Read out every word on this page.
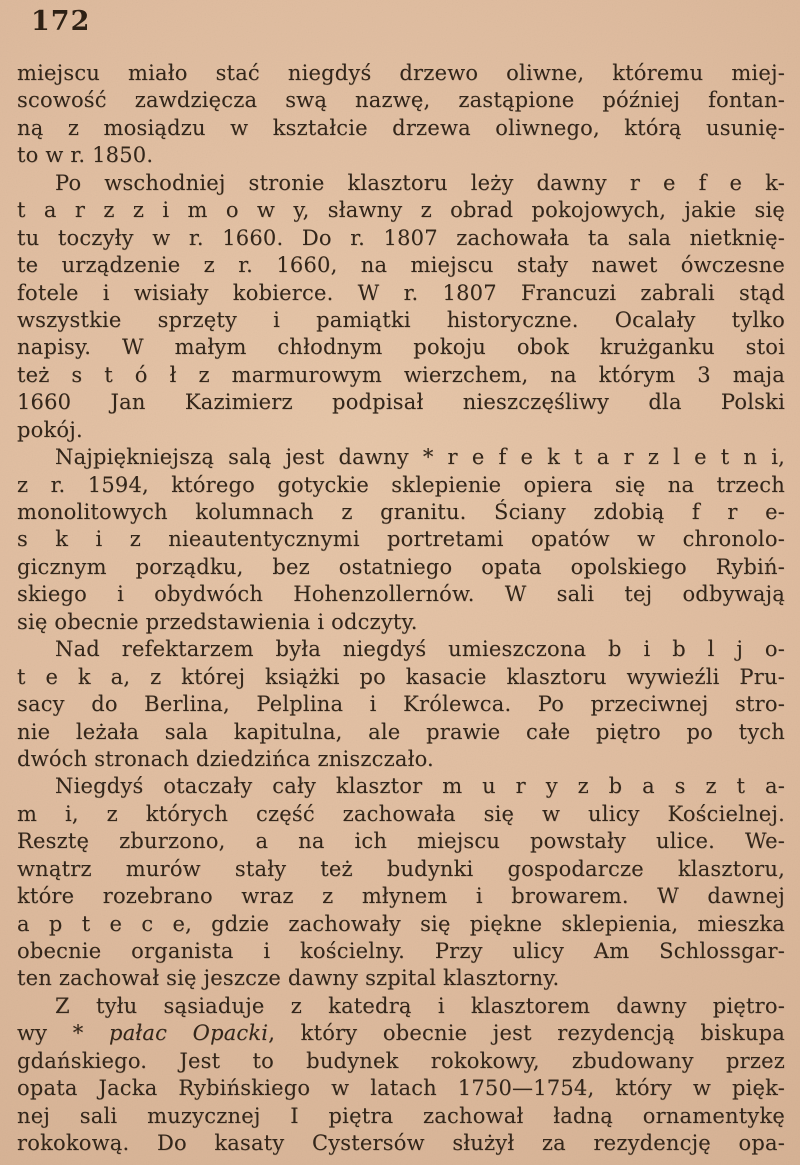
172
miejscu miało stać niegdyś drzewo oliwne, któremu miej-
scowość zawdzięcza swą nazwę, zastąpione później fontan-
ną z mosiądzu w kształcie drzewa oliwnego, którą usunię-
to w r. 1850.
Po wschodniej stronie klasztoru leży dawny r e f e k-
t a r z z i m o w y, sławny z obrad pokojowych, jakie się
tu toczyły w r. 1660. Do r. 1807 zachowała ta sala nietknię-
te urządzenie z r. 1660, na miejscu stały nawet ówczesne
fotele i wisiały kobierce. W r. 1807 Francuzi zabrali stąd
wszystkie sprzęty i pamiątki historyczne. Ocalały tylko
napisy. W małym chłodnym pokoju obok krużganku stoi
też s t ó ł z marmurowym wierzchem, na którym 3 maja
1660 Jan Kazimierz podpisał nieszczęśliwy dla Polski
pokój.
Najpiękniejszą salą jest dawny * r e f e k t a r z l e t n i,
z r. 1594, którego gotyckie sklepienie opiera się na trzech
monolitowych kolumnach z granitu. Ściany zdobią f r e-
s k i z nieautentycznymi portretami opatów w chronolo-
gicznym porządku, bez ostatniego opata opolskiego Rybiń-
skiego i obydwóch Hohenzollernów. W sali tej odbywają
się obecnie przedstawienia i odczyty.
Nad refektarzem była niegdyś umieszczona b i b l j o-
t e k a, z której książki po kasacie klasztoru wywieźli Pru-
sacy do Berlina, Pelplina i Królewca. Po przeciwnej stro-
nie leżała sala kapitulna, ale prawie całe piętro po tych
dwóch stronach dziedzińca zniszczało.
Niegdyś otaczały cały klasztor m u r y z b a s z t a-
m i, z których część zachowała się w ulicy Kościelnej.
Resztę zburzono, a na ich miejscu powstały ulice. We-
wnątrz murów stały też budynki gospodarcze klasztoru,
które rozebrano wraz z młynem i browarem. W dawnej
a p t e c e, gdzie zachowały się piękne sklepienia, mieszka
obecnie organista i kościelny. Przy ulicy Am Schlossgar-
ten zachował się jeszcze dawny szpital klasztorny.
Z tyłu sąsiaduje z katedrą i klasztorem dawny piętro-
wy * pałac Opacki, który obecnie jest rezydencją biskupa
gdańskiego. Jest to budynek rokokowy, zbudowany przez
opata Jacka Rybińskiego w latach 1750—1754, który w pięk-
nej sali muzycznej I piętra zachował ładną ornamentykę
rokokową. Do kasaty Cystersów służył za rezydencję opa-
